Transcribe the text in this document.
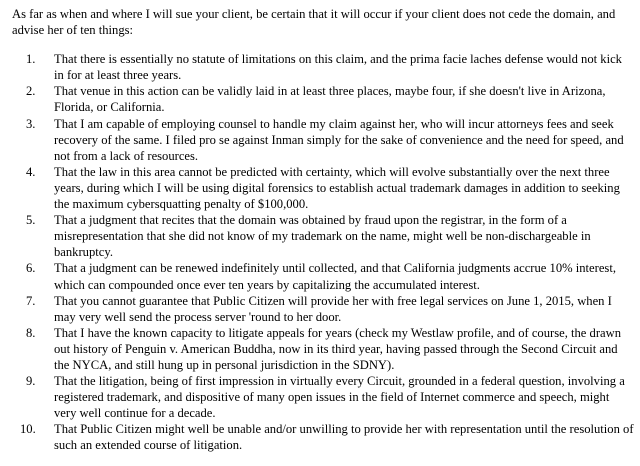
As far as when and where I will sue your client, be certain that it will occur if your client does not cede the domain, and advise her of ten things:

1. That there is essentially no statute of limitations on this claim, and the prima facie laches defense would not kick in for at least three years.
2. That venue in this action can be validly laid in at least three places, maybe four, if she doesn't live in Arizona, Florida, or California.
3. That I am capable of employing counsel to handle my claim against her, who will incur attorneys fees and seek recovery of the same. I filed pro se against Inman simply for the sake of convenience and the need for speed, and not from a lack of resources.
4. That the law in this area cannot be predicted with certainty, which will evolve substantially over the next three years, during which I will be using digital forensics to establish actual trademark damages in addition to seeking the maximum cybersquatting penalty of $100,000.
5. That a judgment that recites that the domain was obtained by fraud upon the registrar, in the form of a misrepresentation that she did not know of my trademark on the name, might well be non-dischargeable in bankruptcy.
6. That a judgment can be renewed indefinitely until collected, and that California judgments accrue 10% interest, which can compounded once ever ten years by capitalizing the accumulated interest.
7. That you cannot guarantee that Public Citizen will provide her with free legal services on June 1, 2015, when I may very well send the process server 'round to her door.
8. That I have the known capacity to litigate appeals for years (check my Westlaw profile, and of course, the drawn out history of Penguin v. American Buddha, now in its third year, having passed through the Second Circuit and the NYCA, and still hung up in personal jurisdiction in the SDNY).
9. That the litigation, being of first impression in virtually every Circuit, grounded in a federal question, involving a registered trademark, and dispositive of many open issues in the field of Internet commerce and speech, might very well continue for a decade.
10. That Public Citizen might well be unable and/or unwilling to provide her with representation until the resolution of such an extended course of litigation.
